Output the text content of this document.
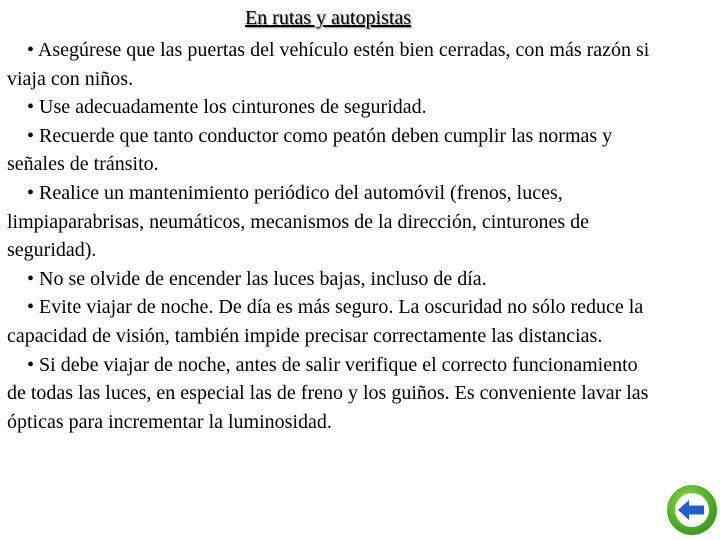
En rutas y autopistas

• Asegúrese que las puertas del vehículo estén bien cerradas, con más razón si viaja con niños.

• Use adecuadamente los cinturones de seguridad.

• Recuerde que tanto conductor como peatón deben cumplir las normas y señales de tránsito.

• Realice un mantenimiento periódico del automóvil (frenos, luces, limpiaparabrisas, neumáticos, mecanismos de la dirección, cinturones de seguridad).

• No se olvide de encender las luces bajas, incluso de día.

• Evite viajar de noche. De día es más seguro. La oscuridad no sólo reduce la capacidad de visión, también impide precisar correctamente las distancias.

• Si debe viajar de noche, antes de salir verifique el correcto funcionamiento de todas las luces, en especial las de freno y los guiños. Es conveniente lavar las ópticas para incrementar la luminosidad.
